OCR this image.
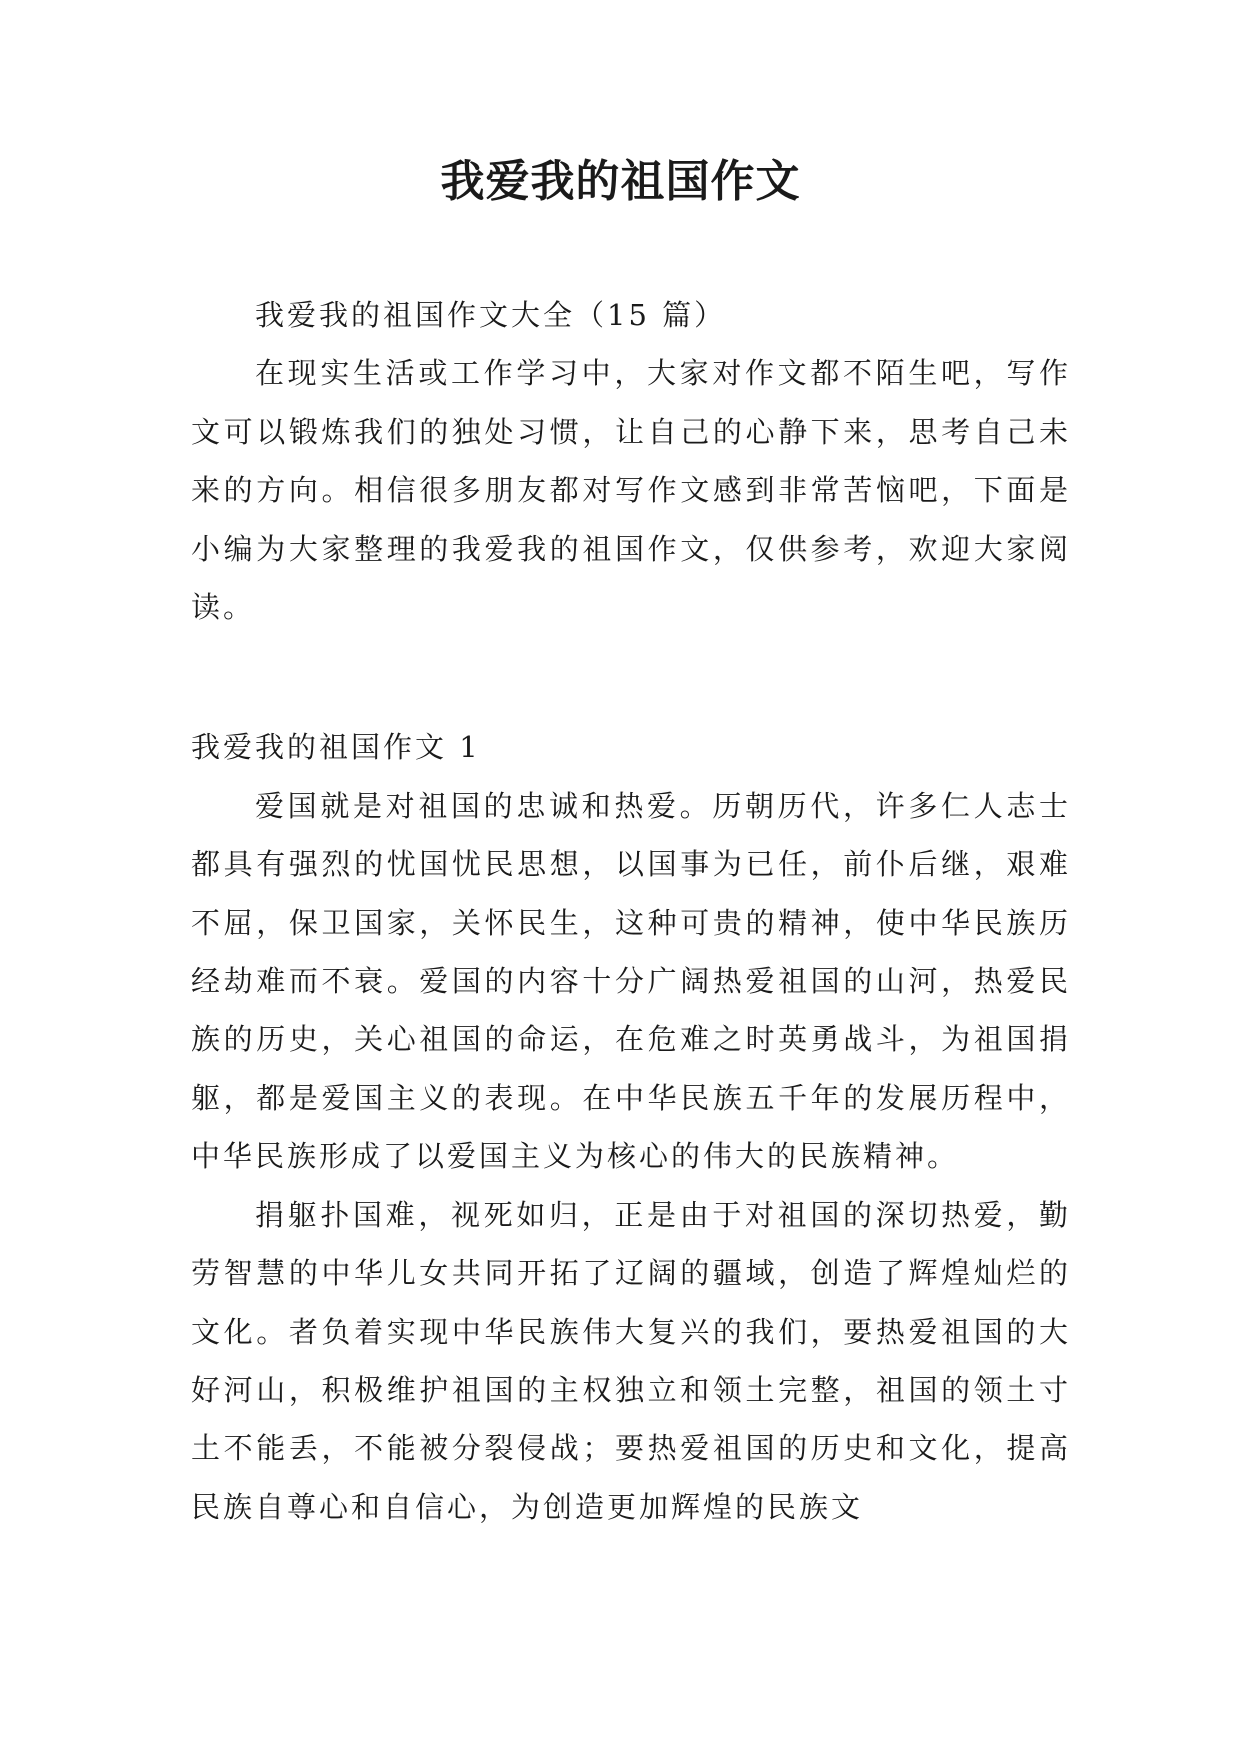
我爱我的祖国作文

我爱我的祖国作文大全（15 篇）

在现实生活或工作学习中，大家对作文都不陌生吧，写作文可以锻炼我们的独处习惯，让自己的心静下来，思考自己未来的方向。相信很多朋友都对写作文感到非常苦恼吧，下面是小编为大家整理的我爱我的祖国作文，仅供参考，欢迎大家阅读。

我爱我的祖国作文 1

爱国就是对祖国的忠诚和热爱。历朝历代，许多仁人志士都具有强烈的忧国忧民思想，以国事为已任，前仆后继，艰难不屈，保卫国家，关怀民生，这种可贵的精神，使中华民族历经劫难而不衰。爱国的内容十分广阔热爱祖国的山河，热爱民族的历史，关心祖国的命运，在危难之时英勇战斗，为祖国捐躯，都是爱国主义的表现。在中华民族五千年的发展历程中，中华民族形成了以爱国主义为核心的伟大的民族精神。

捐躯扑国难，视死如归，正是由于对祖国的深切热爱，勤劳智慧的中华儿女共同开拓了辽阔的疆域，创造了辉煌灿烂的文化。者负着实现中华民族伟大复兴的我们，要热爱祖国的大好河山，积极维护祖国的主权独立和领土完整，祖国的领土寸土不能丢，不能被分裂侵战；要热爱祖国的历史和文化，提高民族自尊心和自信心，为创造更加辉煌的民族文
